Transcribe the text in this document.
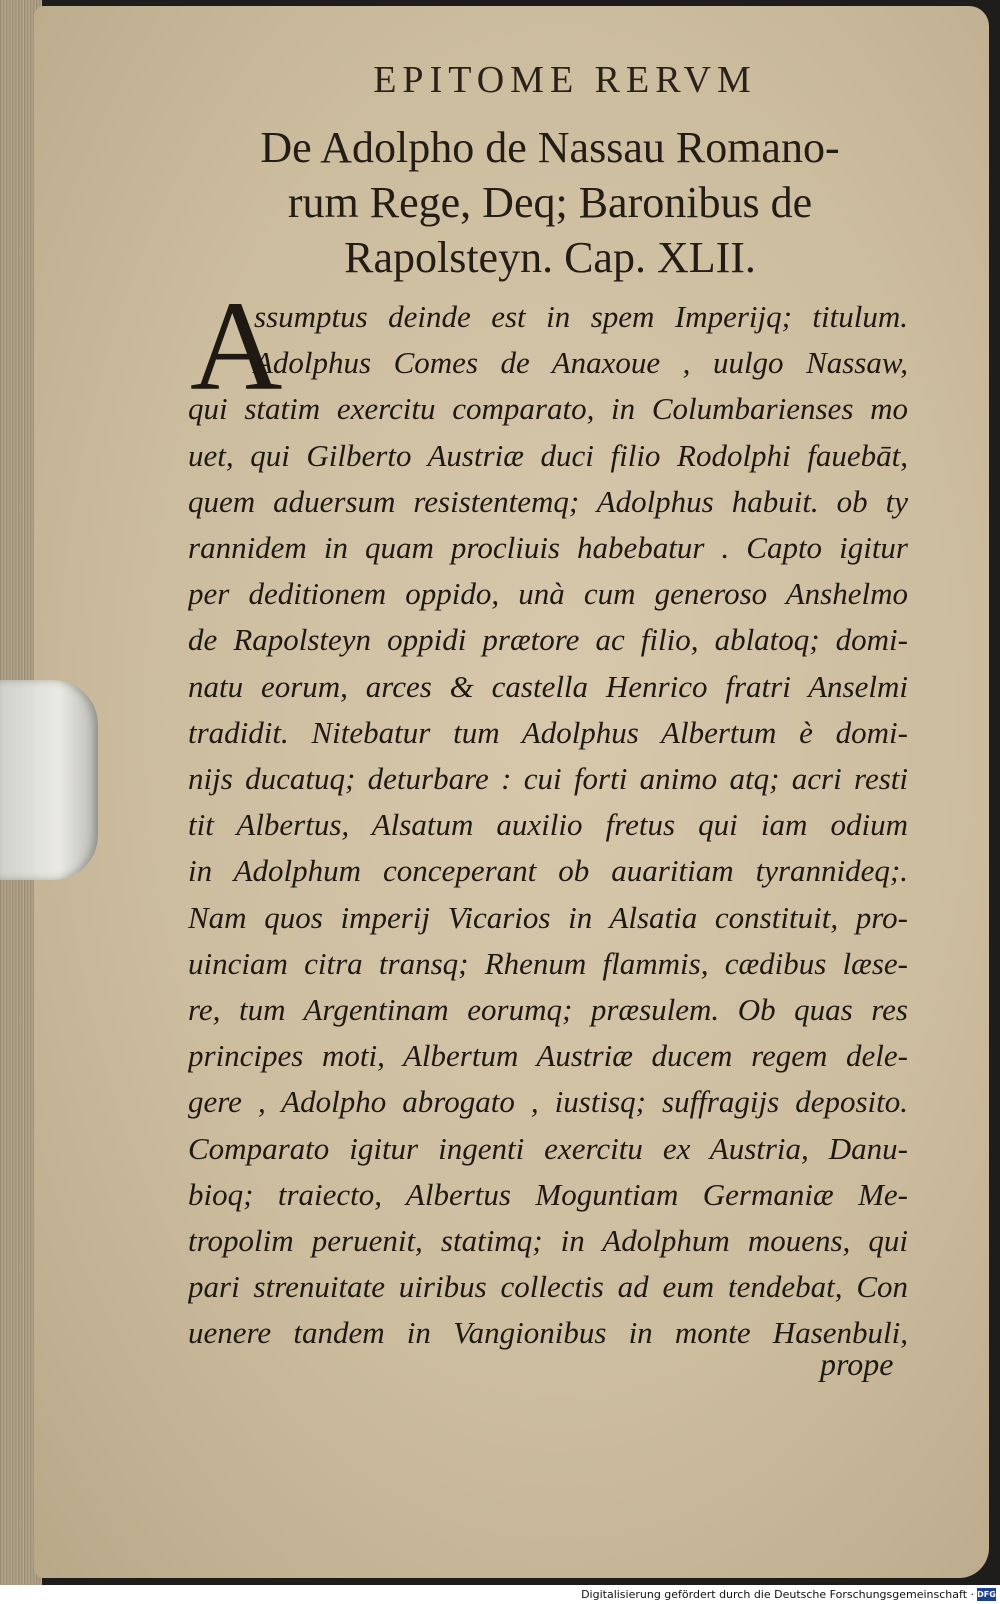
EPITOME RERVM
De Adolpho de Nassau Romano-
rum Rege, Deq; Baronibus de
Rapolsteyn. Cap. XLII.
A
ssumptus deinde est in spem Imperijq; titulum.
Adolphus Comes de Anaxoue , uulgo Nassaw,
qui statim exercitu comparato, in Columbarienses mo
uet, qui Gilberto Austriæ duci filio Rodolphi fauebāt,
quem aduersum resistentemq; Adolphus habuit. ob ty
rannidem in quam procliuis habebatur . Capto igitur
per deditionem oppido, unà cum generoso Anshelmo
de Rapolsteyn oppidi prætore ac filio, ablatoq; domi-
natu eorum, arces & castella Henrico fratri Anselmi
tradidit. Nitebatur tum Adolphus Albertum è domi-
nijs ducatuq; deturbare : cui forti animo atq; acri resti
tit Albertus, Alsatum auxilio fretus qui iam odium
in Adolphum conceperant ob auaritiam tyrannideq;.
Nam quos imperij Vicarios in Alsatia constituit, pro-
uinciam citra transq; Rhenum flammis, cædibus læse-
re, tum Argentinam eorumq; præsulem. Ob quas res
principes moti, Albertum Austriæ ducem regem dele-
gere , Adolpho abrogato , iustisq; suffragijs deposito.
Comparato igitur ingenti exercitu ex Austria, Danu-
bioq; traiecto, Albertus Moguntiam Germaniæ Me-
tropolim peruenit, statimq; in Adolphum mouens, qui
pari strenuitate uiribus collectis ad eum tendebat, Con
uenere tandem in Vangionibus in monte Hasenbuli,
prope
Digitalisierung gefördert durch die Deutsche Forschungsgemeinschaft · DFG
